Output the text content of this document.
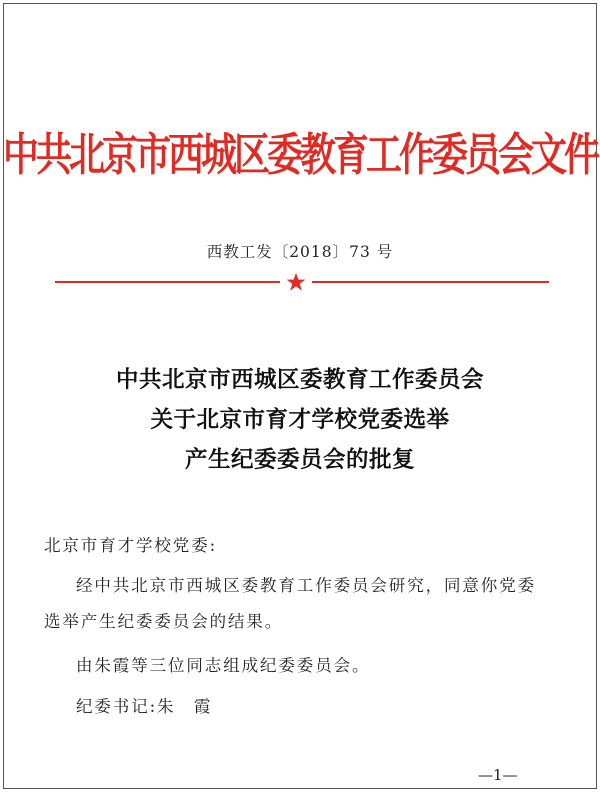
中共北京市西城区委教育工作委员会文件
西教工发〔2018〕73 号
中共北京市西城区委教育工作委员会
关于北京市育才学校党委选举
产生纪委委员会的批复
北京市育才学校党委:
经中共北京市西城区委教育工作委员会研究，同意你党委
选举产生纪委委员会的结果。
由朱霞等三位同志组成纪委委员会。
纪委书记:朱　霞
—1—
